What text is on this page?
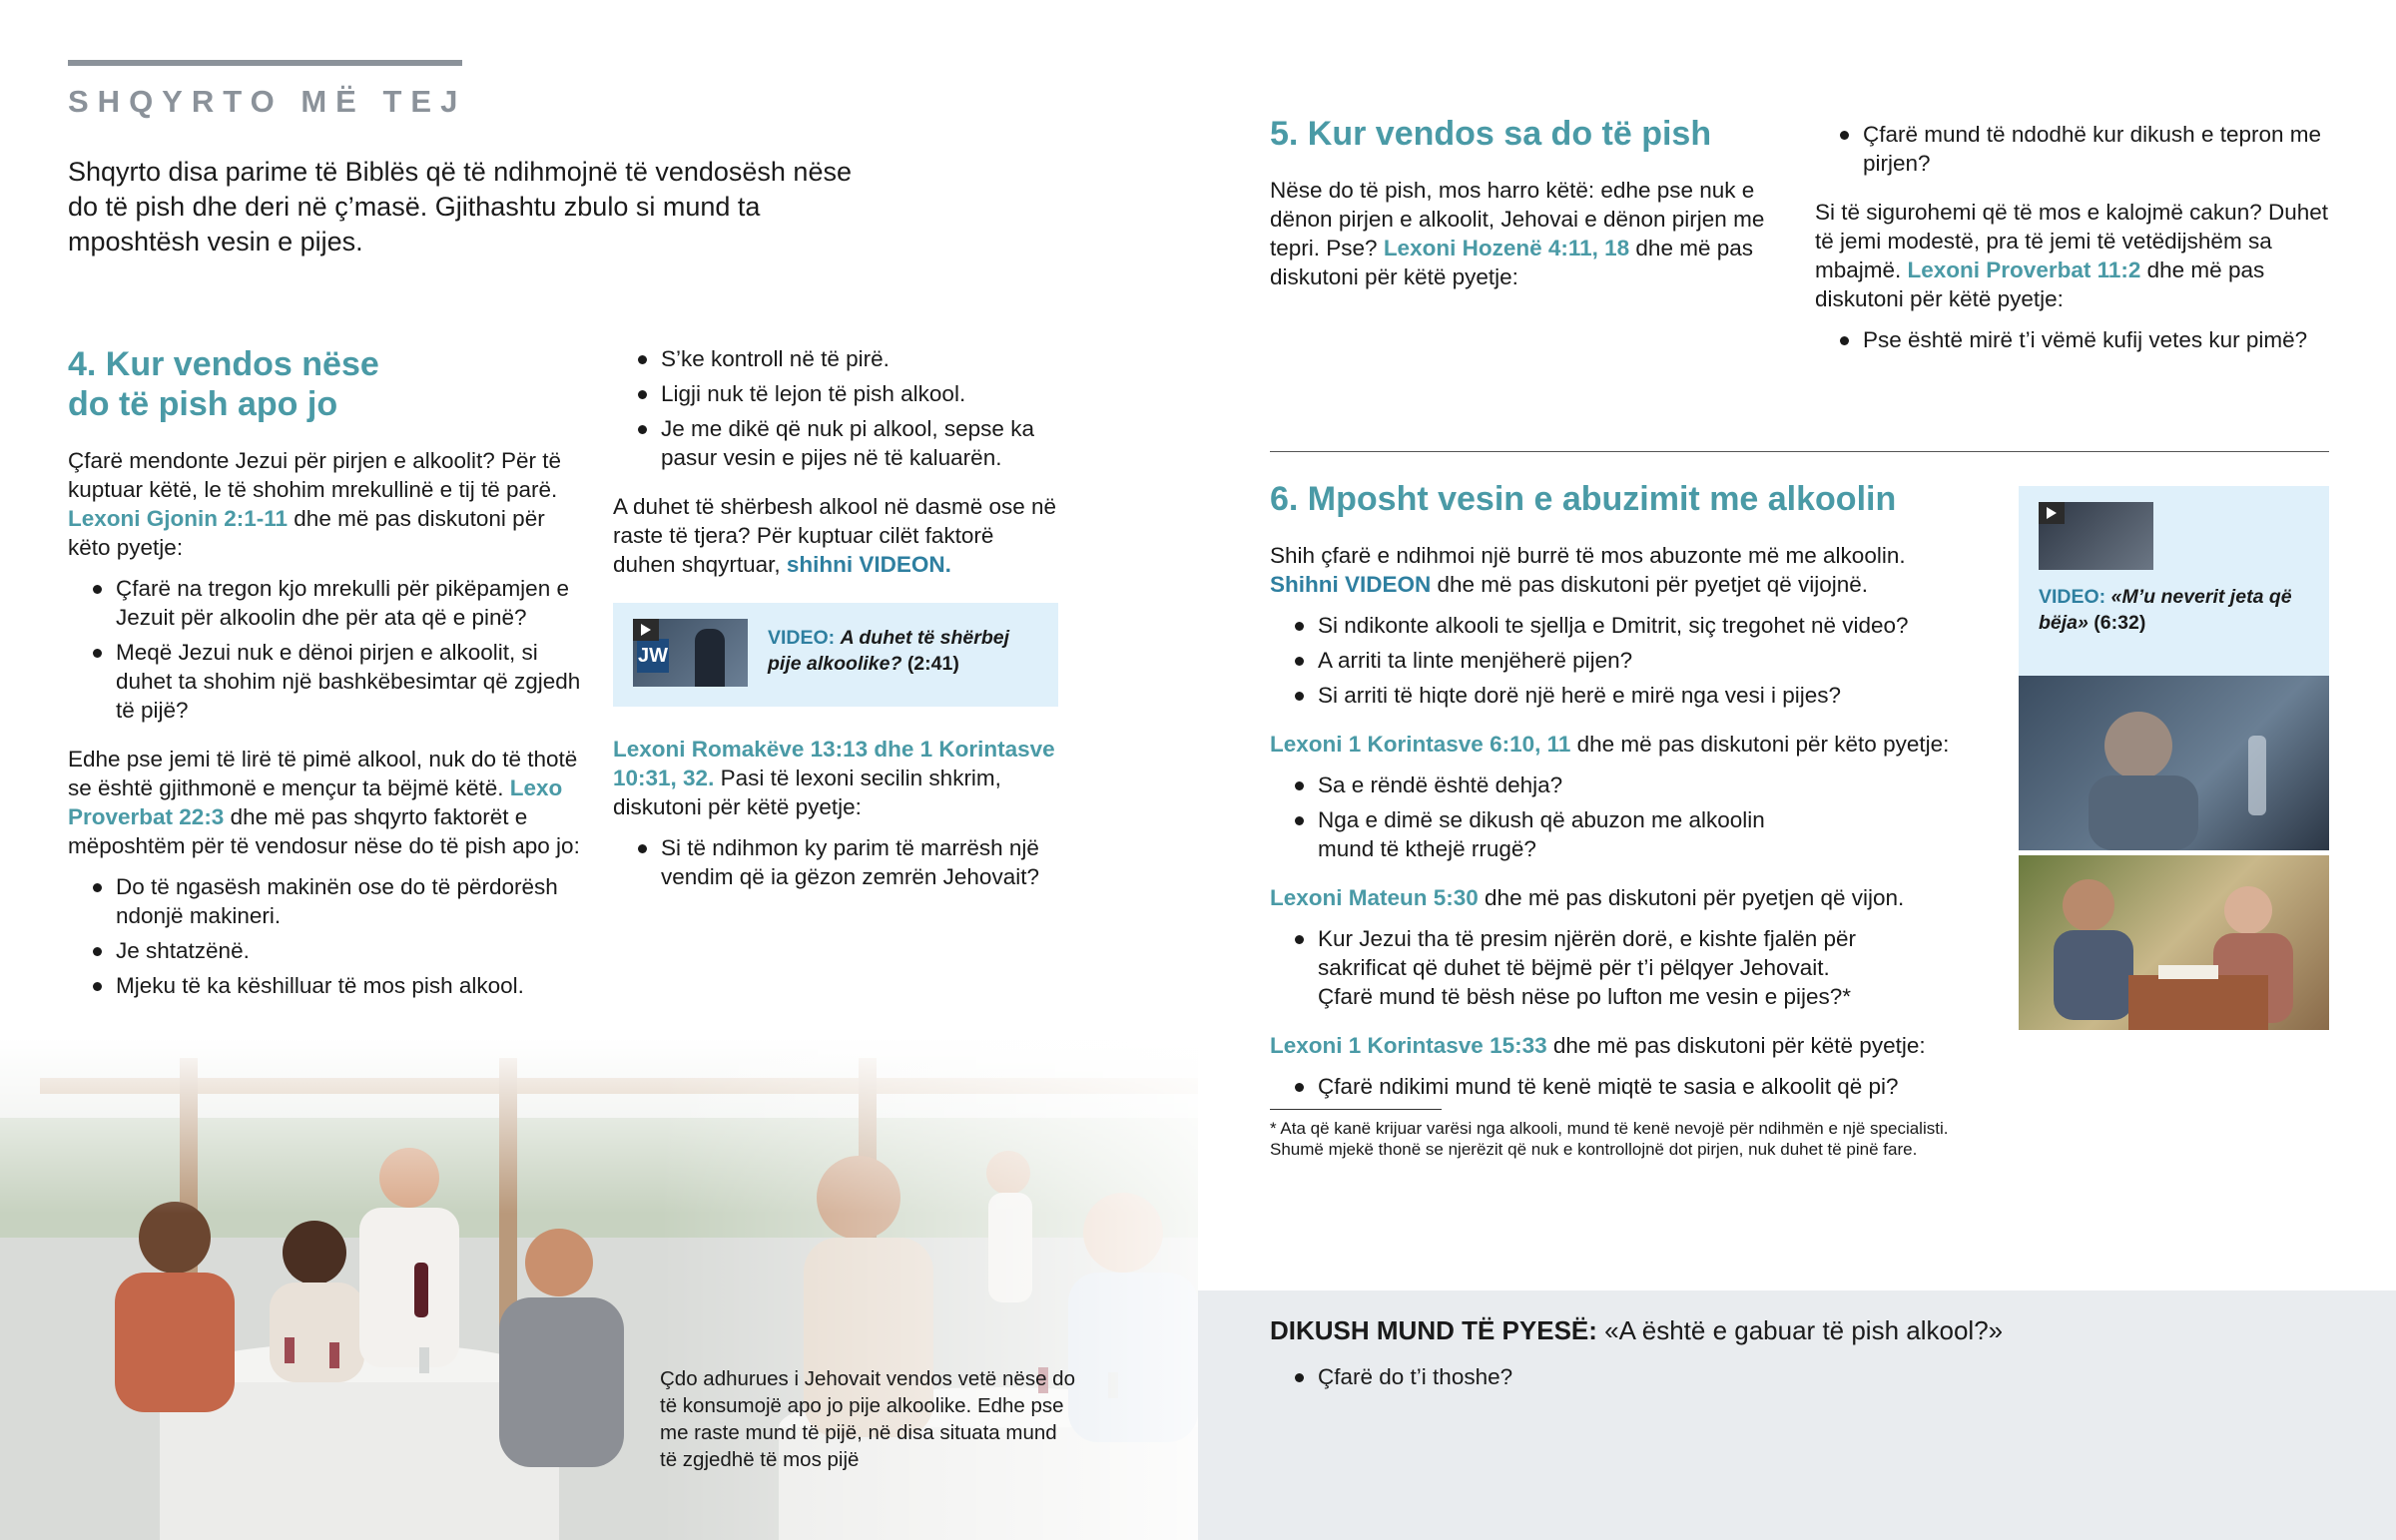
SHQYRTO MË TEJ

Shqyrto disa parime të Biblës që të ndihmojnë të vendosësh nëse do të pish dhe deri në ç’masë. Gjithashtu zbulo si mund ta mposhtësh vesin e pijes.

4. Kur vendos nëse
do të pish apo jo

Çfarë mendonte Jezui për pirjen e alkoolit? Për të kuptuar këtë, le të shohim mrekullinë e tij të parë. Lexoni Gjonin 2:1-11 dhe më pas diskutoni për këto pyetje:

Çfarë na tregon kjo mrekulli për pikëpamjen e Jezuit për alkoolin dhe për ata që e pinë?
Meqë Jezui nuk e dënoi pirjen e alkoolit, si duhet ta shohim një bashkëbesimtar që zgjedh të pijë?

Edhe pse jemi të lirë të pimë alkool, nuk do të thotë se është gjithmonë e mençur ta bëjmë këtë. Lexo Proverbat 22:3 dhe më pas shqyrto faktorët e mëposhtëm për të vendosur nëse do të pish apo jo:

Do të ngasësh makinën ose do të përdorësh ndonjë makineri.
Je shtatzënë.
Mjeku të ka këshilluar të mos pish alkool.
S’ke kontroll në të pirë.
Ligji nuk të lejon të pish alkool.
Je me dikë që nuk pi alkool, sepse ka pasur vesin e pijes në të kaluarën.

A duhet të shërbesh alkool në dasmë ose në raste të tjera? Për kuptuar cilët faktorë duhen shqyrtuar, shihni VIDEON.

JW
VIDEO: A duhet të shërbej pije alkoolike? (2:41)

Lexoni Romakëve 13:13 dhe 1 Korintasve 10:31, 32. Pasi të lexoni secilin shkrim, diskutoni për këtë pyetje:

Si të ndihmon ky parim të marrësh një vendim që ia gëzon zemrën Jehovait?

Çdo adhurues i Jehovait vendos vetë nëse do të konsumojë apo jo pije alkoolike. Edhe pse me raste mund të pijë, në disa situata mund të zgjedhë të mos pijë

5. Kur vendos sa do të pish

Nëse do të pish, mos harro këtë: edhe pse nuk e dënon pirjen e alkoolit, Jehovai e dënon pirjen me tepri. Pse? Lexoni Hozenë 4:11, 18 dhe më pas diskutoni për këtë pyetje:

Çfarë mund të ndodhë kur dikush e tepron me pirjen?

Si të sigurohemi që të mos e kalojmë cakun? Duhet të jemi modestë, pra të jemi të vetëdijshëm sa mbajmë. Lexoni Proverbat 11:2 dhe më pas diskutoni për këtë pyetje:

Pse është mirë t’i vëmë kufij vetes kur pimë?
6. Mposht vesin e abuzimit me alkoolin

Shih çfarë e ndihmoi një burrë të mos abuzonte më me alkoolin.
Shihni VIDEON dhe më pas diskutoni për pyetjet që vijojnë.

Si ndikonte alkooli te sjellja e Dmitrit, siç tregohet në video?
A arriti ta linte menjëherë pijen?
Si arriti të hiqte dorë një herë e mirë nga vesi i pijes?

Lexoni 1 Korintasve 6:10, 11 dhe më pas diskutoni për këto pyetje:

Sa e rëndë është dehja?
Nga e dimë se dikush që abuzon me alkoolin mund të kthejë rrugë?

Lexoni Mateun 5:30 dhe më pas diskutoni për pyetjen që vijon.

Kur Jezui tha të presim njërën dorë, e kishte fjalën për sakrificat që duhet të bëjmë për t’i pëlqyer Jehovait. Çfarë mund të bësh nëse po lufton me vesin e pijes?*

Lexoni 1 Korintasve 15:33 dhe më pas diskutoni për këtë pyetje:

Çfarë ndikimi mund të kenë miqtë te sasia e alkoolit që pi?

* Ata që kanë krijuar varësi nga alkooli, mund të kenë nevojë për ndihmën e një specialisti. Shumë mjekë thonë se njerëzit që nuk e kontrollojnë dot pirjen, nuk duhet të pinë fare.

VIDEO: «M’u neverit jeta që bëja» (6:32)

DIKUSH MUND TË PYESË: «A është e gabuar të pish alkool?»

Çfarë do t’i thoshe?
